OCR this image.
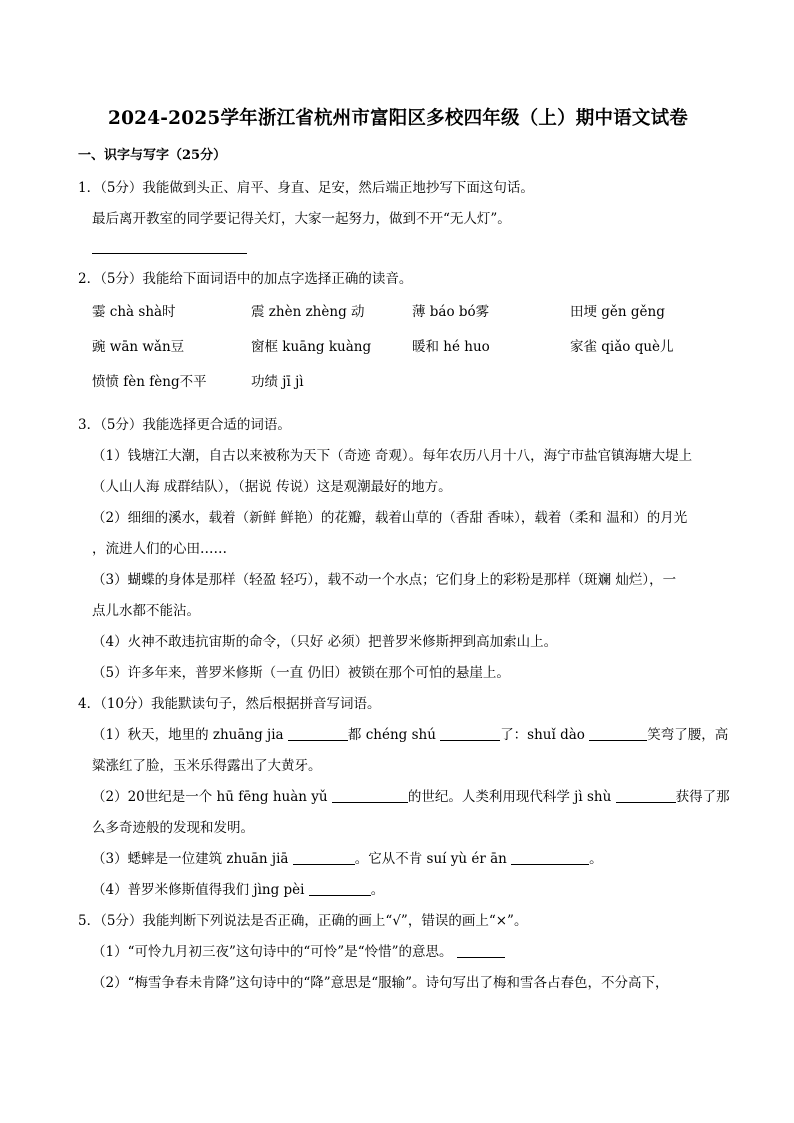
2024-2025学年浙江省杭州市富阳区多校四年级（上）期中语文试卷
一、识字与写字（25分）
1．（5分）我能做到头正、肩平、身直、足安，然后端正地抄写下面这句话。
最后离开教室的同学要记得关灯，大家一起努力，做到不开“无人灯”。
2．（5分）我能给下面词语中的加点字选择正确的读音。
霎 chà shà时	震 zhèn zhèng 动	薄 báo bó雾	田埂 gěn gěng
豌 wān wǎn豆	窗框 kuāng kuàng	暖和 hé huo	家雀 qiǎo què儿
愤愤 fèn fèng不平	功绩 jī jì
3．（5分）我能选择更合适的词语。
（1）钱塘江大潮，自古以来被称为天下（奇迹 奇观）。每年农历八月十八，海宁市盐官镇海塘大堤上
（人山人海 成群结队），（据说 传说）这是观潮最好的地方。
（2）细细的溪水，载着（新鲜 鲜艳）的花瓣，载着山草的（香甜 香味），载着（柔和 温和）的月光
，流进人们的心田……
（3）蝴蝶的身体是那样（轻盈 轻巧），载不动一个水点；它们身上的彩粉是那样（斑斓 灿烂），一
点儿水都不能沾。
（4）火神不敢违抗宙斯的命令，（只好 必须）把普罗米修斯押到高加索山上。
（5）许多年来，普罗米修斯（一直 仍旧）被锁在那个可怕的悬崖上。
4．（10分）我能默读句子，然后根据拼音写词语。
（1）秋天，地里的 zhuāng jia	都 chéng shú	了：shuǐ dào	笑弯了腰，高
粱涨红了脸，玉米乐得露出了大黄牙。
（2）20世纪是一个 hū fēng huàn yǔ	的世纪。人类利用现代科学 jì shù	获得了那
么多奇迹般的发现和发明。
（3）蟋蟀是一位建筑 zhuān jiā	。它从不肯 suí yù ér ān	。
（4）普罗米修斯值得我们 jìng pèi	。
5．（5分）我能判断下列说法是否正确，正确的画上“√”，错误的画上“×”。
（1）“可怜九月初三夜”这句诗中的“可怜”是“怜惜”的意思。
（2）“梅雪争春未肯降”这句诗中的“降”意思是“服输”。诗句写出了梅和雪各占春色，不分高下，
